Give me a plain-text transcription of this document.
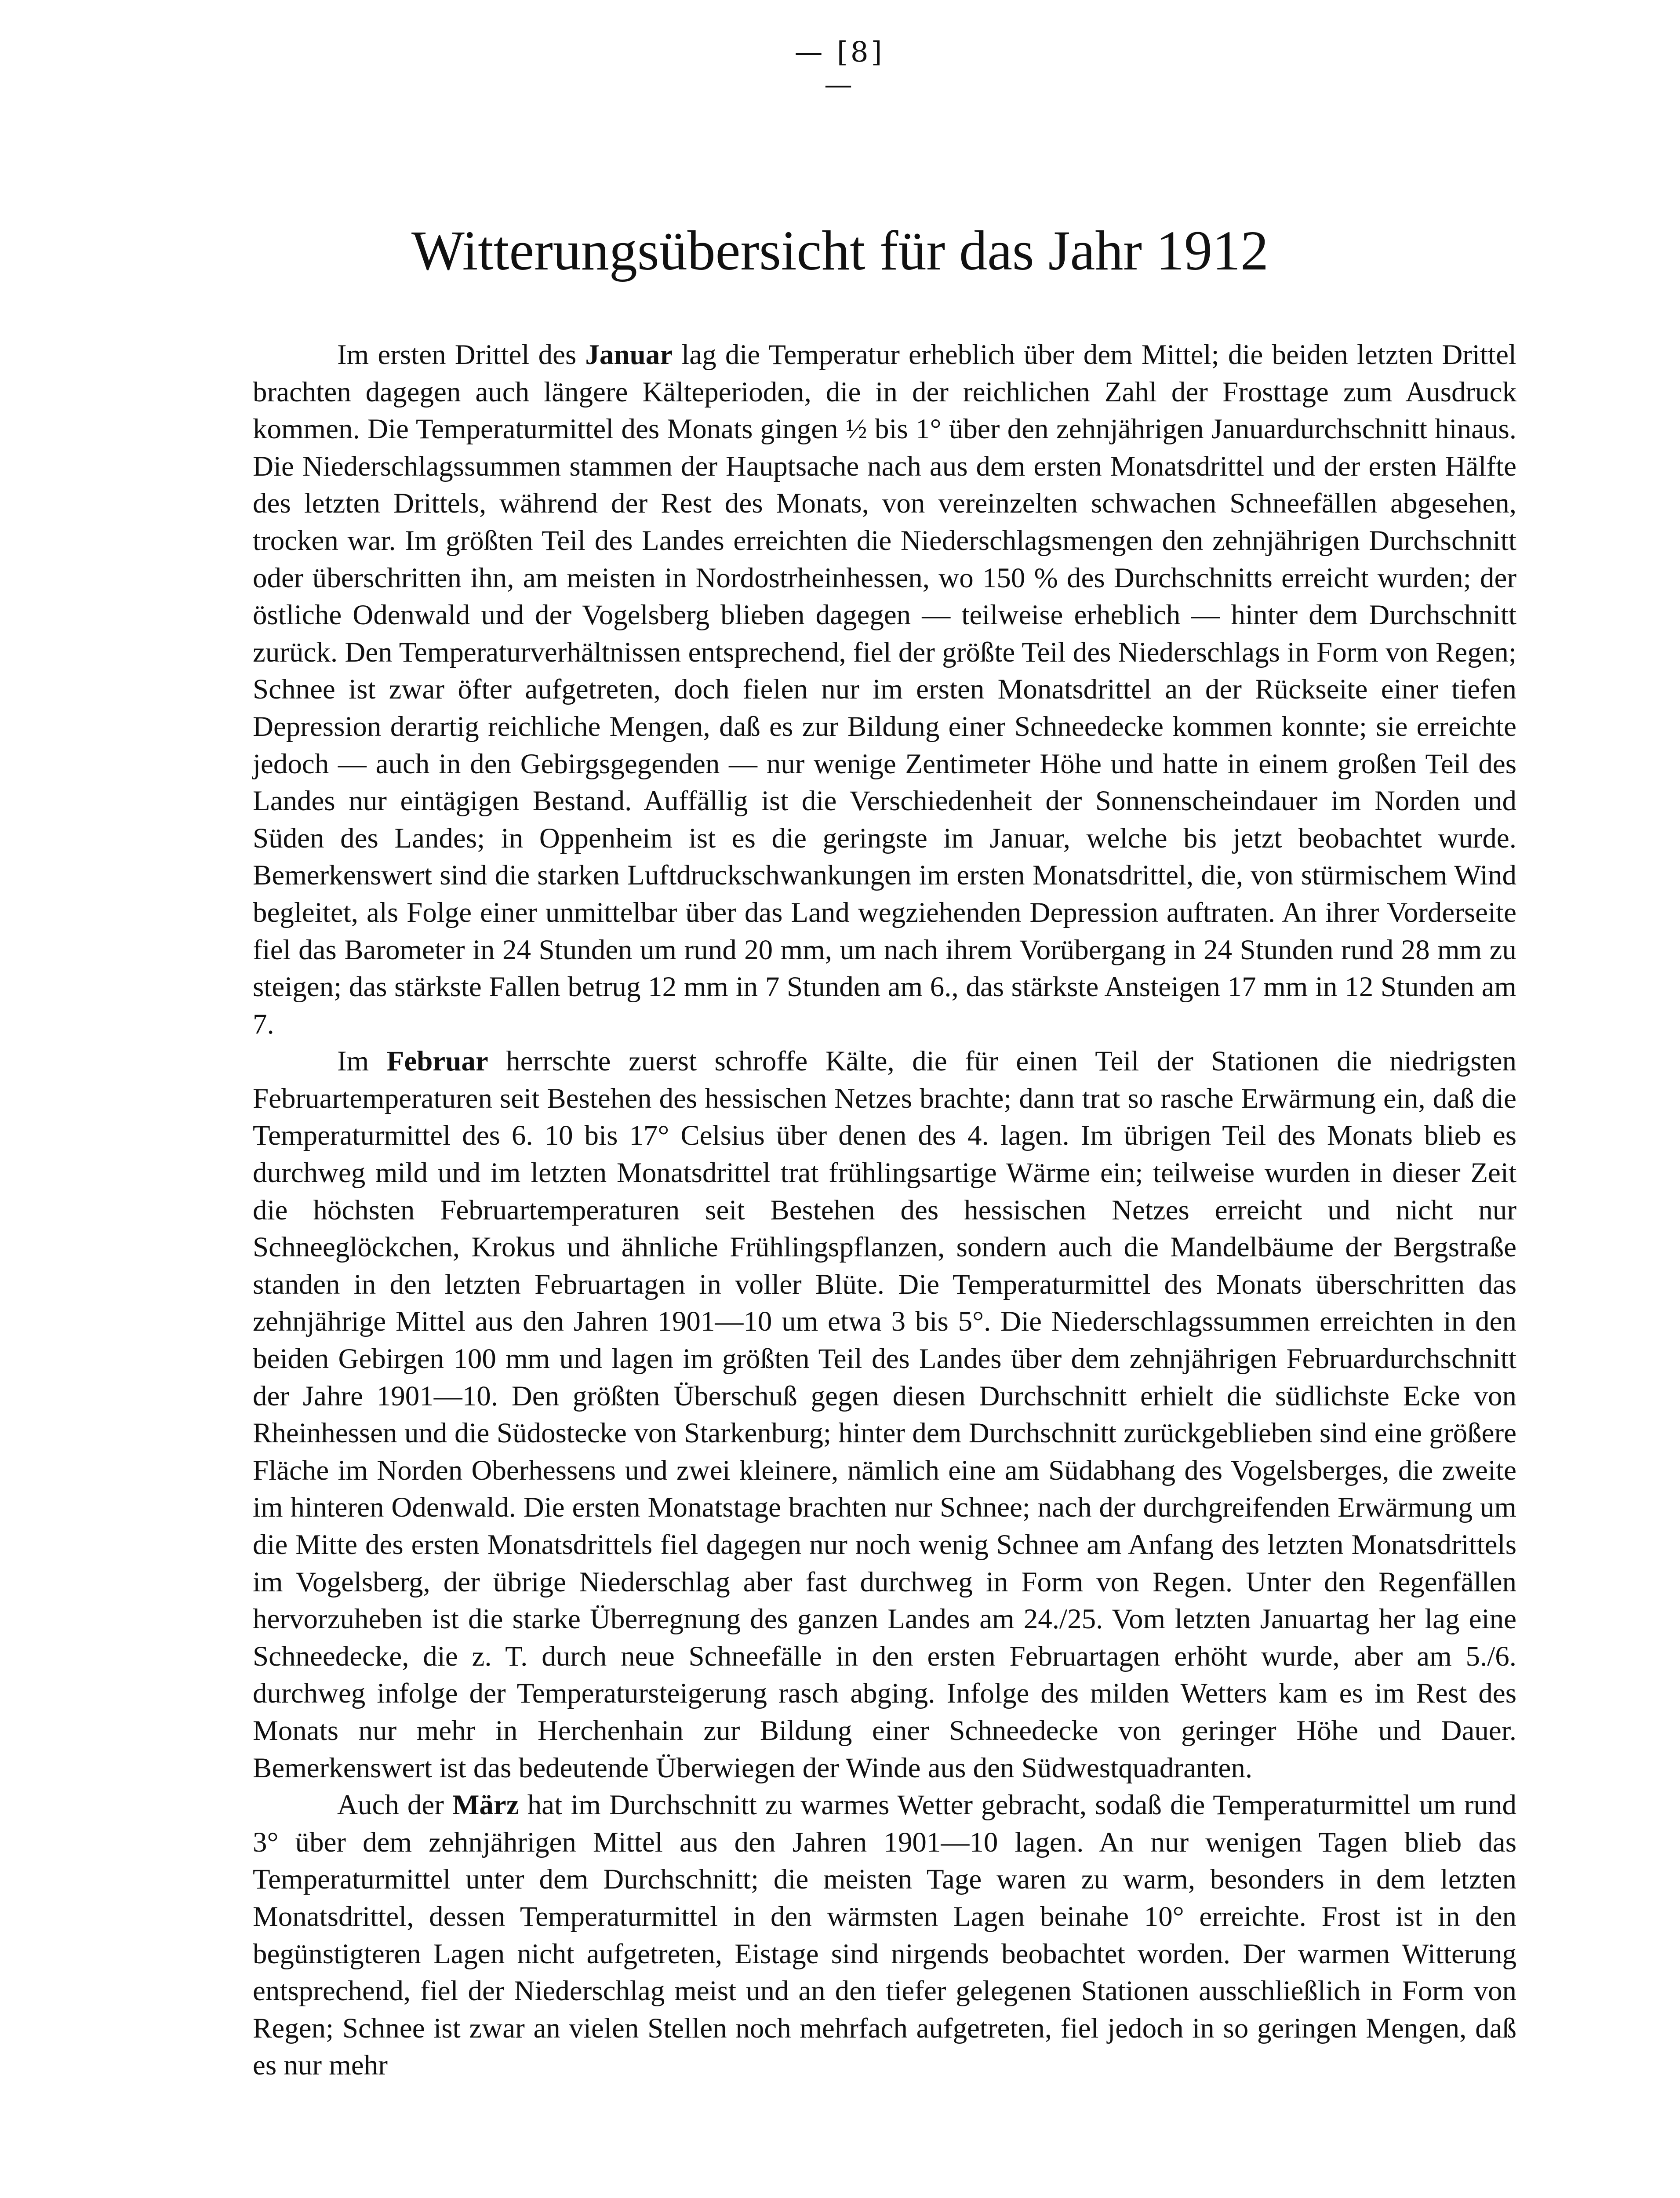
— [8] —
Witterungsübersicht für das Jahr 1912

Im ersten Drittel des Januar lag die Temperatur erheblich über dem Mittel; die beiden letzten Drittel brachten dagegen auch längere Kälteperioden, die in der reichlichen Zahl der Frosttage zum Ausdruck kommen. Die Temperaturmittel des Monats gingen ½ bis 1° über den zehnjährigen Januardurchschnitt hinaus. Die Niederschlagssummen stammen der Hauptsache nach aus dem ersten Monatsdrittel und der ersten Hälfte des letzten Drittels, während der Rest des Monats, von vereinzelten schwachen Schneefällen abgesehen, trocken war. Im größten Teil des Landes erreichten die Niederschlagsmengen den zehnjährigen Durchschnitt oder überschritten ihn, am meisten in Nordostrheinhessen, wo 150 % des Durchschnitts erreicht wurden; der östliche Odenwald und der Vogelsberg blieben dagegen — teilweise erheblich — hinter dem Durchschnitt zurück. Den Temperaturverhältnissen entsprechend, fiel der größte Teil des Niederschlags in Form von Regen; Schnee ist zwar öfter aufgetreten, doch fielen nur im ersten Monatsdrittel an der Rückseite einer tiefen Depression derartig reichliche Mengen, daß es zur Bildung einer Schneedecke kommen konnte; sie erreichte jedoch — auch in den Gebirgsgegenden — nur wenige Zentimeter Höhe und hatte in einem großen Teil des Landes nur eintägigen Bestand. Auffällig ist die Verschiedenheit der Sonnenscheindauer im Norden und Süden des Landes; in Oppenheim ist es die geringste im Januar, welche bis jetzt beobachtet wurde. Bemerkenswert sind die starken Luftdruckschwankungen im ersten Monatsdrittel, die, von stürmischem Wind begleitet, als Folge einer unmittelbar über das Land wegziehenden Depression auftraten. An ihrer Vorderseite fiel das Barometer in 24 Stunden um rund 20 mm, um nach ihrem Vorübergang in 24 Stunden rund 28 mm zu steigen; das stärkste Fallen betrug 12 mm in 7 Stunden am 6., das stärkste Ansteigen 17 mm in 12 Stunden am 7.

Im Februar herrschte zuerst schroffe Kälte, die für einen Teil der Stationen die niedrigsten Februartemperaturen seit Bestehen des hessischen Netzes brachte; dann trat so rasche Erwärmung ein, daß die Temperaturmittel des 6. 10 bis 17° Celsius über denen des 4. lagen. Im übrigen Teil des Monats blieb es durchweg mild und im letzten Monatsdrittel trat frühlingsartige Wärme ein; teilweise wurden in dieser Zeit die höchsten Februartemperaturen seit Bestehen des hessischen Netzes erreicht und nicht nur Schneeglöckchen, Krokus und ähnliche Frühlingspflanzen, sondern auch die Mandelbäume der Bergstraße standen in den letzten Februartagen in voller Blüte. Die Temperaturmittel des Monats überschritten das zehnjährige Mittel aus den Jahren 1901—10 um etwa 3 bis 5°. Die Niederschlagssummen erreichten in den beiden Gebirgen 100 mm und lagen im größten Teil des Landes über dem zehnjährigen Februardurchschnitt der Jahre 1901—10. Den größten Überschuß gegen diesen Durchschnitt erhielt die südlichste Ecke von Rheinhessen und die Südostecke von Starkenburg; hinter dem Durchschnitt zurückgeblieben sind eine größere Fläche im Norden Oberhessens und zwei kleinere, nämlich eine am Südabhang des Vogelsberges, die zweite im hinteren Odenwald. Die ersten Monatstage brachten nur Schnee; nach der durchgreifenden Erwärmung um die Mitte des ersten Monatsdrittels fiel dagegen nur noch wenig Schnee am Anfang des letzten Monatsdrittels im Vogelsberg, der übrige Niederschlag aber fast durchweg in Form von Regen. Unter den Regenfällen hervorzuheben ist die starke Überregnung des ganzen Landes am 24./25. Vom letzten Januartag her lag eine Schneedecke, die z. T. durch neue Schneefälle in den ersten Februartagen erhöht wurde, aber am 5./6. durchweg infolge der Temperatursteigerung rasch abging. Infolge des milden Wetters kam es im Rest des Monats nur mehr in Herchenhain zur Bildung einer Schneedecke von geringer Höhe und Dauer. Bemerkenswert ist das bedeutende Überwiegen der Winde aus den Südwestquadranten.

Auch der März hat im Durchschnitt zu warmes Wetter gebracht, sodaß die Temperaturmittel um rund 3° über dem zehnjährigen Mittel aus den Jahren 1901—10 lagen. An nur wenigen Tagen blieb das Temperaturmittel unter dem Durchschnitt; die meisten Tage waren zu warm, besonders in dem letzten Monatsdrittel, dessen Temperaturmittel in den wärmsten Lagen beinahe 10° erreichte. Frost ist in den begünstigteren Lagen nicht aufgetreten, Eistage sind nirgends beobachtet worden. Der warmen Witterung entsprechend, fiel der Niederschlag meist und an den tiefer gelegenen Stationen ausschließlich in Form von Regen; Schnee ist zwar an vielen Stellen noch mehrfach aufgetreten, fiel jedoch in so geringen Mengen, daß es nur mehr
